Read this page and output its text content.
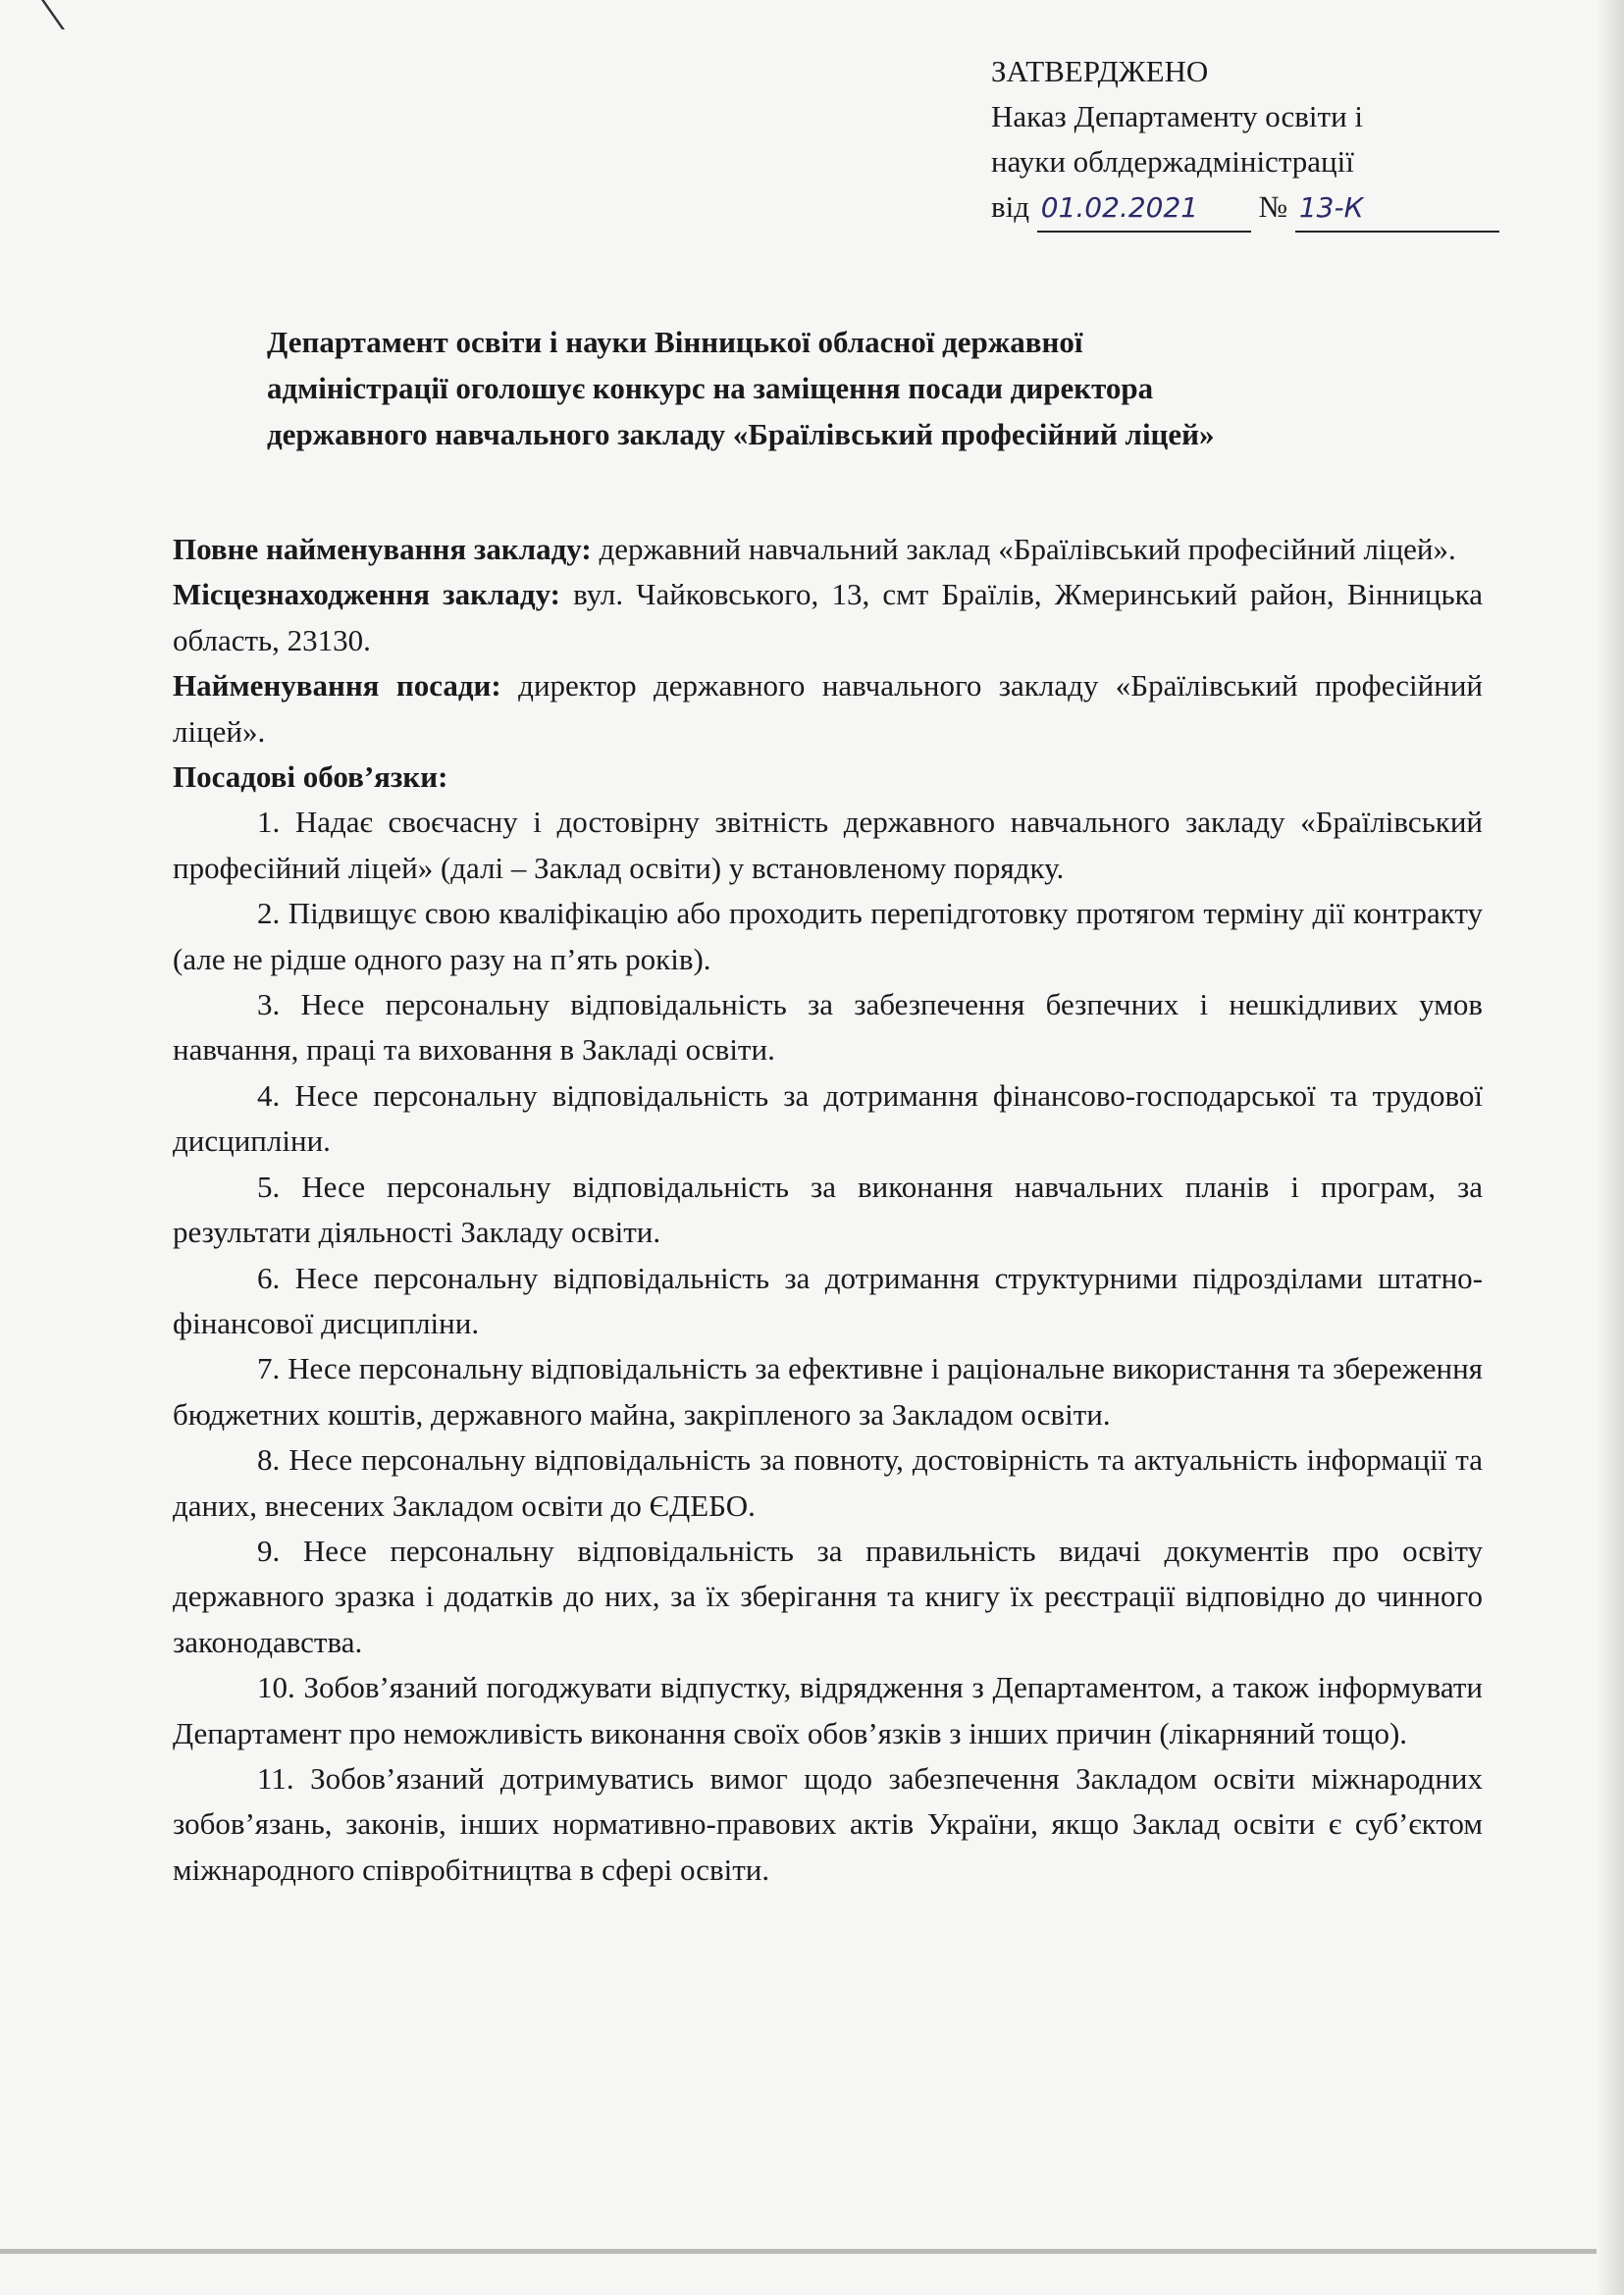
ЗАТВЕРДЖЕНО
Наказ Департаменту освіти і
науки облдержадміністрації
від 01.02.2021 № 13-К
Департамент освіти і науки Вінницької обласної державної
адміністрації оголошує конкурс на заміщення посади директора
державного навчального закладу «Браїлівський професійний ліцей»

Повне найменування закладу: державний навчальний заклад «Браїлівський професійний ліцей».

Місцезнаходження закладу: вул. Чайковського, 13, смт Браїлів, Жмеринський район, Вінницька область, 23130.

Найменування посади: директор державного навчального закладу «Браїлівський професійний ліцей».

Посадові обов’язки:

1. Надає своєчасну і достовірну звітність державного навчального закладу «Браїлівський професійний ліцей» (далі – Заклад освіти) у встановленому порядку.

2. Підвищує свою кваліфікацію або проходить перепідготовку протягом терміну дії контракту (але не рідше одного разу на п’ять років).

3. Несе персональну відповідальність за забезпечення безпечних і нешкідливих умов навчання, праці та виховання в Закладі освіти.

4. Несе персональну відповідальність за дотримання фінансово-господарської та трудової дисципліни.

5. Несе персональну відповідальність за виконання навчальних планів і програм, за результати діяльності Закладу освіти.

6. Несе персональну відповідальність за дотримання структурними підрозділами штатно-фінансової дисципліни.

7. Несе персональну відповідальність за ефективне і раціональне використання та збереження бюджетних коштів, державного майна, закріпленого за Закладом освіти.

8. Несе персональну відповідальність за повноту, достовірність та актуальність інформації та даних, внесених Закладом освіти до ЄДЕБО.

9. Несе персональну відповідальність за правильність видачі документів про освіту державного зразка і додатків до них, за їх зберігання та книгу їх реєстрації відповідно до чинного законодавства.

10. Зобов’язаний погоджувати відпустку, відрядження з Департаментом, а також інформувати Департамент про неможливість виконання своїх обов’язків з інших причин (лікарняний тощо).

11. Зобов’язаний дотримуватись вимог щодо забезпечення Закладом освіти міжнародних зобов’язань, законів, інших нормативно-правових актів України, якщо Заклад освіти є суб’єктом міжнародного співробітництва в сфері освіти.
